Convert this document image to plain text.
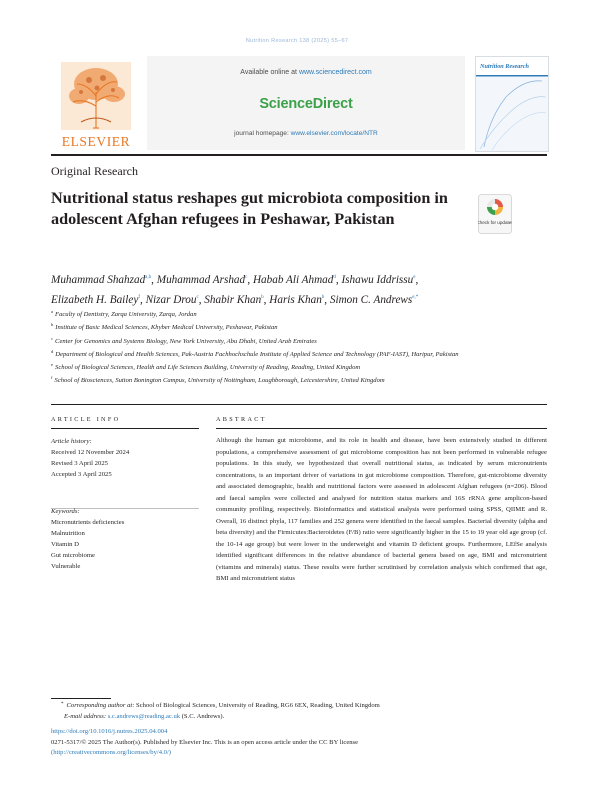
Nutrition Research 138 (2025) 55–67
ELSEVIER
Available online at www.sciencedirect.com
ScienceDirect
journal homepage: www.elsevier.com/locate/NTR
Nutrition Research
Original Research
Nutritional status reshapes gut microbiota composition in adolescent Afghan refugees in Peshawar, Pakistan	Check for updates
Muhammad Shahzad$^{a,b}$, Muhammad Arshad$^c$, Habab Ali Ahmad$^d$, Ishawu Iddrissu$^e$,
Elizabeth H. Bailey$^f$, Nizar Drou$^c$, Shabir Khan$^b$, Haris Khan$^b$, Simon C. Andrews$^{e,*}$
$^a$ Faculty of Dentistry, Zarqa University, Zarqa, Jordan
$^b$ Institute of Basic Medical Sciences, Khyber Medical University, Peshawar, Pakistan
$^c$ Center for Genomics and Systems Biology, New York University, Abu Dhabi, United Arab Emirates
$^d$ Department of Biological and Health Sciences, Pak-Austria Fachhochschule Institute of Applied Science and Technology (PAF-IAST), Haripur, Pakistan
$^e$ School of Biological Sciences, Health and Life Sciences Building, University of Reading, Reading, United Kingdom
$^f$ School of Biosciences, Sutton Bonington Campus, University of Nottingham, Loughborough, Leicestershire, United Kingdom
ARTICLE INFO	ABSTRACT
Article history:
Received 12 November 2024
Revised 3 April 2025
Accepted 3 April 2025
Keywords:
Micronutrients deficiencies
Malnutrition
Vitamin D
Gut microbiome
Vulnerable
Although the human gut microbiome, and its role in health and disease, have been extensively studied in different populations, a comprehensive assessment of gut microbiome composition has not been performed in vulnerable refugee populations. In this study, we hypothesized that overall nutritional status, as indicated by serum micronutrients concentrations, is an important driver of variations in gut microbiome composition. Therefore, gut-microbiome diversity and associated demographic, health and nutritional factors were assessed in adolescent Afghan refugees (n=206). Blood and faecal samples were collected and analysed for nutrition status markers and 16S rRNA gene amplicon-based community profiling, respectively. Bioinformatics and statistical analysis were performed using SPSS, QIIME and R. Overall, 16 distinct phyla, 117 families and 252 genera were identified in the faecal samples. Bacterial diversity (alpha and beta diversity) and the Firmicutes:Bacteroidetes (F/B) ratio were significantly higher in the 15 to 19 year old age group (cf. the 10-14 age group) but were lower in the underweight and vitamin D deficient groups. Furthermore, LEfSe analysis identified significant differences in the relative abundance of bacterial genera based on age, BMI and micronutrient (vitamins and minerals) status. These results were further scrutinised by correlation analysis which confirmed that age, BMI and micronutrient status
* Corresponding author at: School of Biological Sciences, University of Reading, RG6 6EX, Reading, United Kingdom
E-mail address: s.c.andrews@reading.ac.uk (S.C. Andrews).
https://doi.org/10.1016/j.nutres.2025.04.004
0271-5317/© 2025 The Author(s). Published by Elsevier Inc. This is an open access article under the CC BY license
(http://creativecommons.org/licenses/by/4.0/)
